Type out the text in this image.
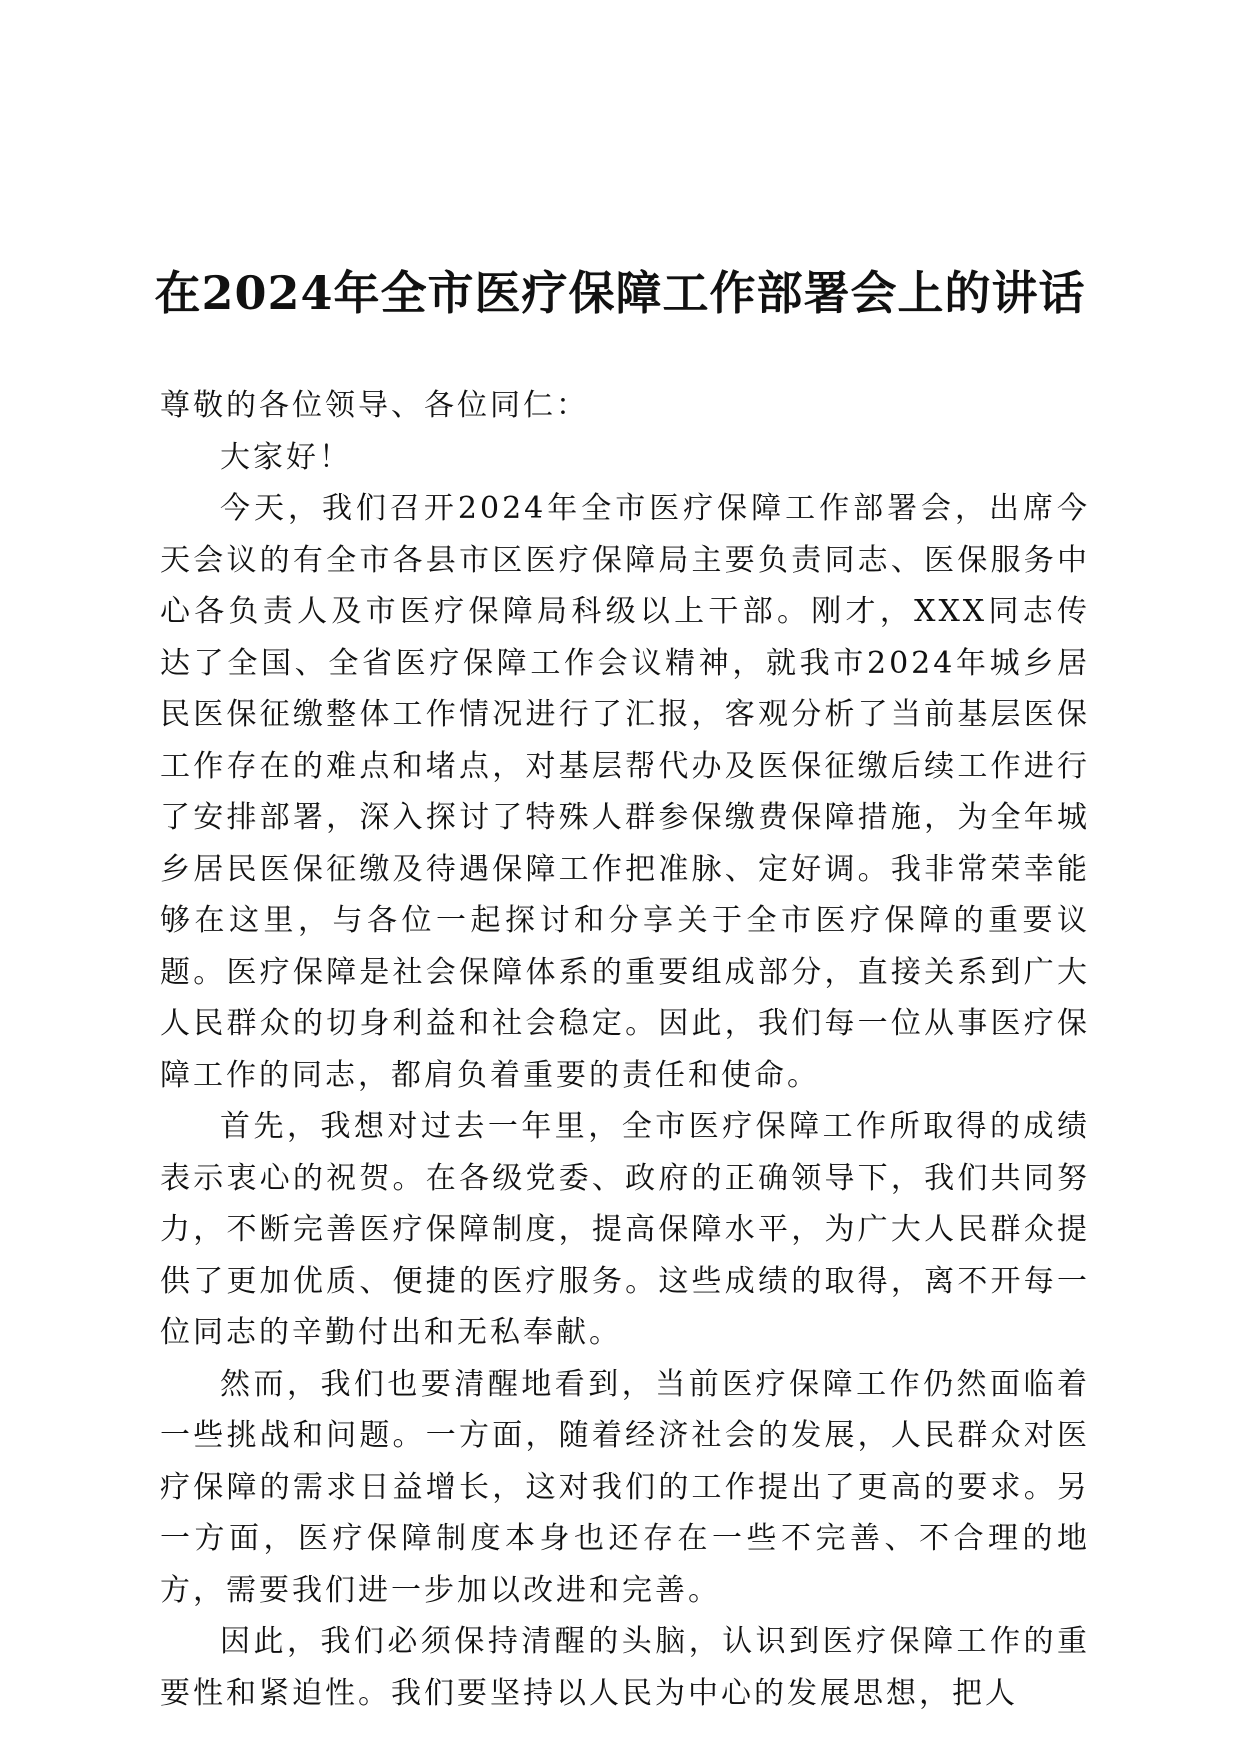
在2024年全市医疗保障工作部署会上的讲话

尊敬的各位领导、各位同仁：

大家好！

今天，我们召开2024年全市医疗保障工作部署会，出席今天会议的有全市各县市区医疗保障局主要负责同志、医保服务中心各负责人及市医疗保障局科级以上干部。刚才，XXX同志传达了全国、全省医疗保障工作会议精神，就我市2024年城乡居民医保征缴整体工作情况进行了汇报，客观分析了当前基层医保工作存在的难点和堵点，对基层帮代办及医保征缴后续工作进行了安排部署，深入探讨了特殊人群参保缴费保障措施，为全年城乡居民医保征缴及待遇保障工作把准脉、定好调。我非常荣幸能够在这里，与各位一起探讨和分享关于全市医疗保障的重要议题。医疗保障是社会保障体系的重要组成部分，直接关系到广大人民群众的切身利益和社会稳定。因此，我们每一位从事医疗保障工作的同志，都肩负着重要的责任和使命。

首先，我想对过去一年里，全市医疗保障工作所取得的成绩表示衷心的祝贺。在各级党委、政府的正确领导下，我们共同努力，不断完善医疗保障制度，提高保障水平，为广大人民群众提供了更加优质、便捷的医疗服务。这些成绩的取得，离不开每一位同志的辛勤付出和无私奉献。

然而，我们也要清醒地看到，当前医疗保障工作仍然面临着一些挑战和问题。一方面，随着经济社会的发展，人民群众对医疗保障的需求日益增长，这对我们的工作提出了更高的要求。另一方面，医疗保障制度本身也还存在一些不完善、不合理的地方，需要我们进一步加以改进和完善。

因此，我们必须保持清醒的头脑，认识到医疗保障工作的重要性和紧迫性。我们要坚持以人民为中心的发展思想，把人
